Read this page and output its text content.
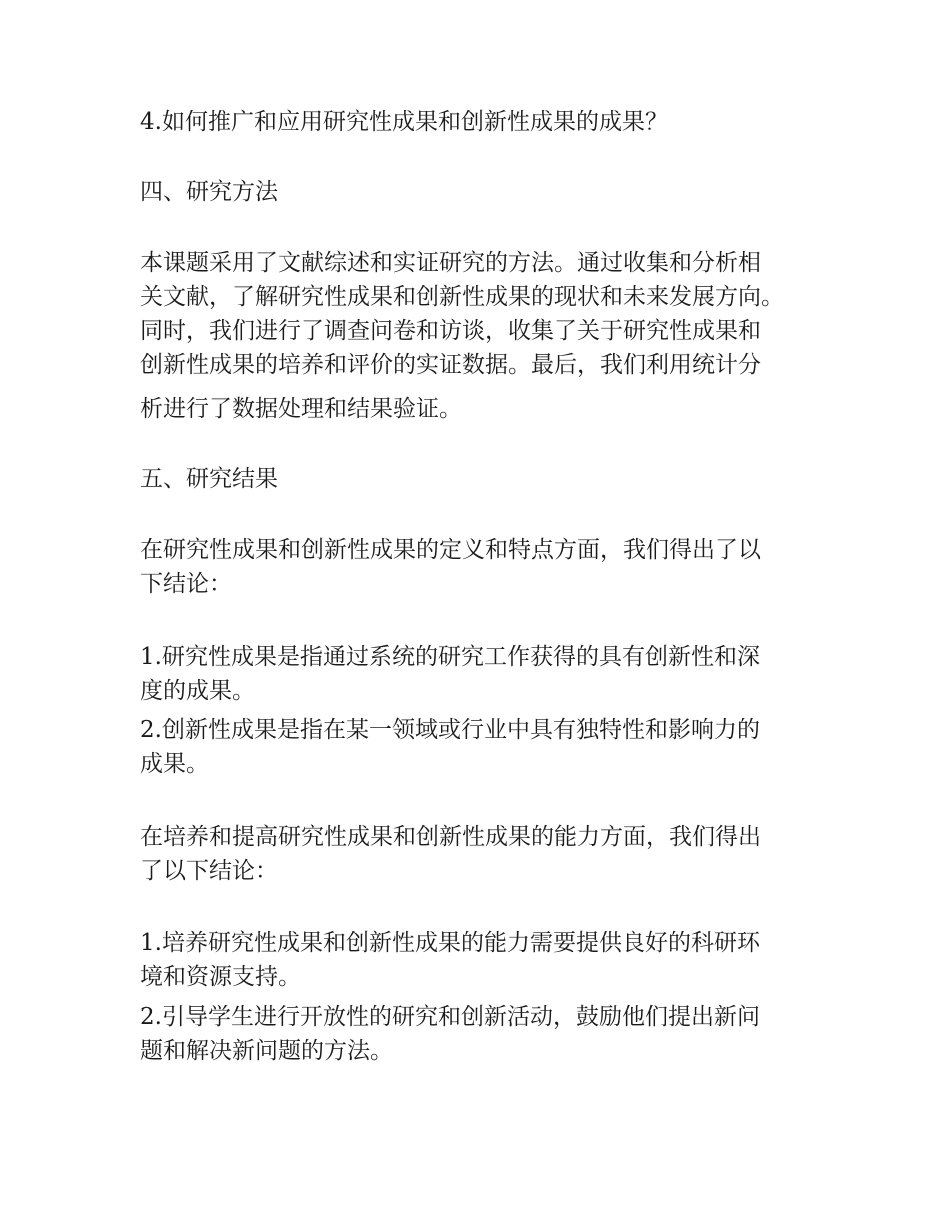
4.如何推广和应用研究性成果和创新性成果的成果？

四、研究方法

本课题采用了文献综述和实证研究的方法。通过收集和分析相

关文献，了解研究性成果和创新性成果的现状和未来发展方向。

同时，我们进行了调查问卷和访谈，收集了关于研究性成果和

创新性成果的培养和评价的实证数据。最后，我们利用统计分

析进行了数据处理和结果验证。

五、研究结果

在研究性成果和创新性成果的定义和特点方面，我们得出了以

下结论：

1.研究性成果是指通过系统的研究工作获得的具有创新性和深

度的成果。

2.创新性成果是指在某一领域或行业中具有独特性和影响力的

成果。

在培养和提高研究性成果和创新性成果的能力方面，我们得出

了以下结论：

1.培养研究性成果和创新性成果的能力需要提供良好的科研环

境和资源支持。

2.引导学生进行开放性的研究和创新活动，鼓励他们提出新问

题和解决新问题的方法。
